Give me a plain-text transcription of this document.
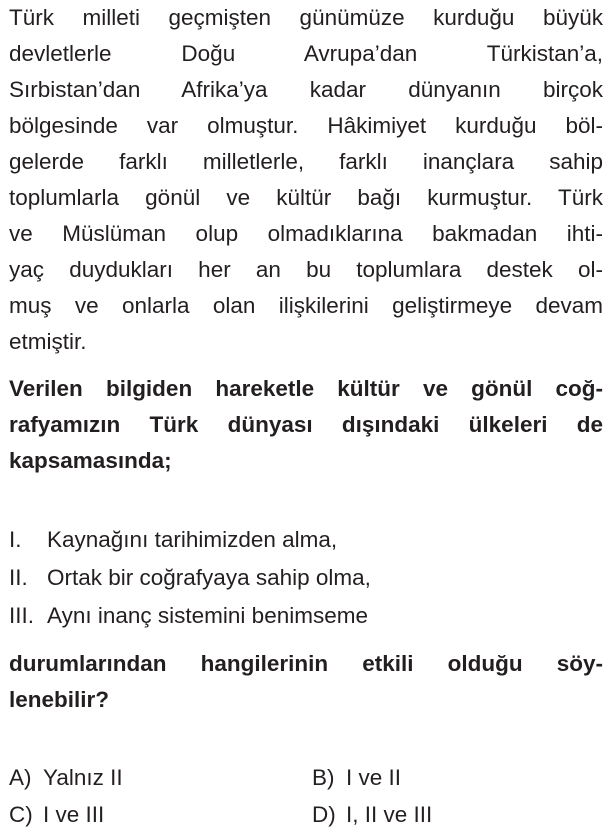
Türk milleti geçmişten günümüze kurduğu büyük
devletlerle Doğu Avrupa’dan Türkistan’a,
Sırbistan’dan Afrika’ya kadar dünyanın birçok
bölgesinde var olmuştur. Hâkimiyet kurduğu böl-
gelerde farklı milletlerle, farklı inançlara sahip
toplumlarla gönül ve kültür bağı kurmuştur. Türk
ve Müslüman olup olmadıklarına bakmadan ihti-
yaç duydukları her an bu toplumlara destek ol-
muş ve onlarla olan ilişkilerini geliştirmeye devam
etmiştir.
Verilen bilgiden hareketle kültür ve gönül coğ-
rafyamızın Türk dünyası dışındaki ülkeleri de
kapsamasında;
I. Kaynağını tarihimizden alma,
II. Ortak bir coğrafyaya sahip olma,
III. Aynı inanç sistemini benimseme
durumlarından hangilerinin etkili olduğu söy-
lenebilir?
A) Yalnız II	B) I ve II
C) I ve III	D) I, II ve III
